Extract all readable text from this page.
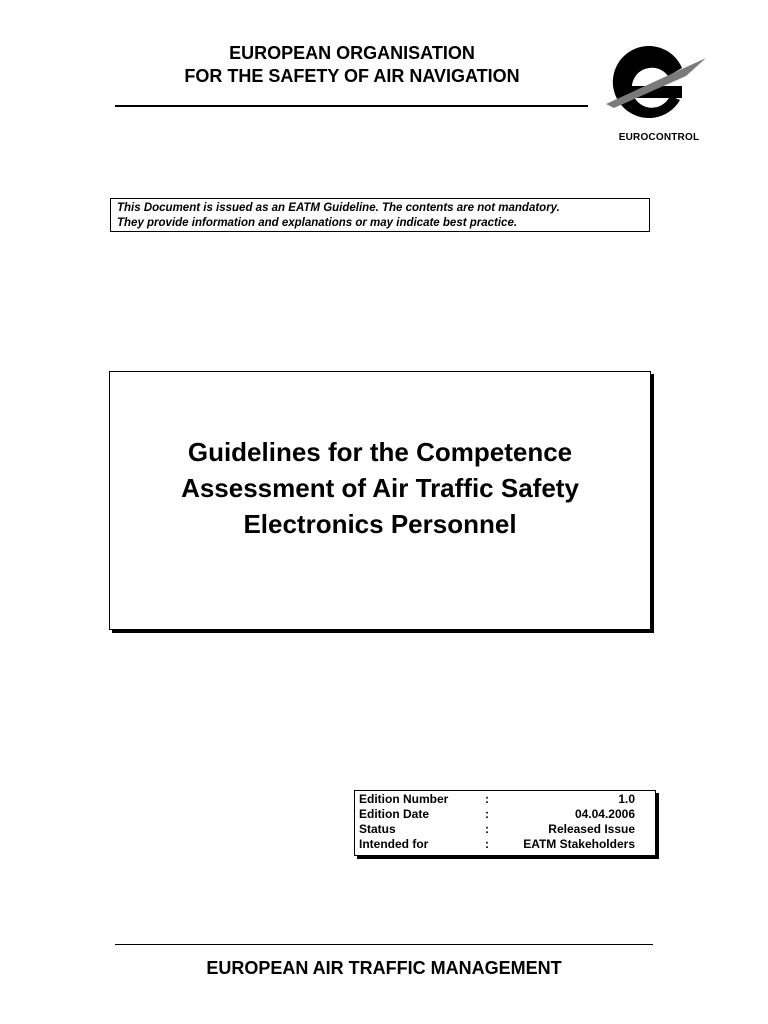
EUROPEAN ORGANISATION
FOR THE SAFETY OF AIR NAVIGATION
EUROCONTROL
This Document is issued as an EATM Guideline. The contents are not mandatory.
They provide information and explanations or may indicate best practice.
Guidelines for the Competence
Assessment of Air Traffic Safety
Electronics Personnel
Edition Number	:	1.0
Edition Date	:	04.04.2006
Status	:	Released Issue
Intended for	:	EATM Stakeholders
EUROPEAN AIR TRAFFIC MANAGEMENT
